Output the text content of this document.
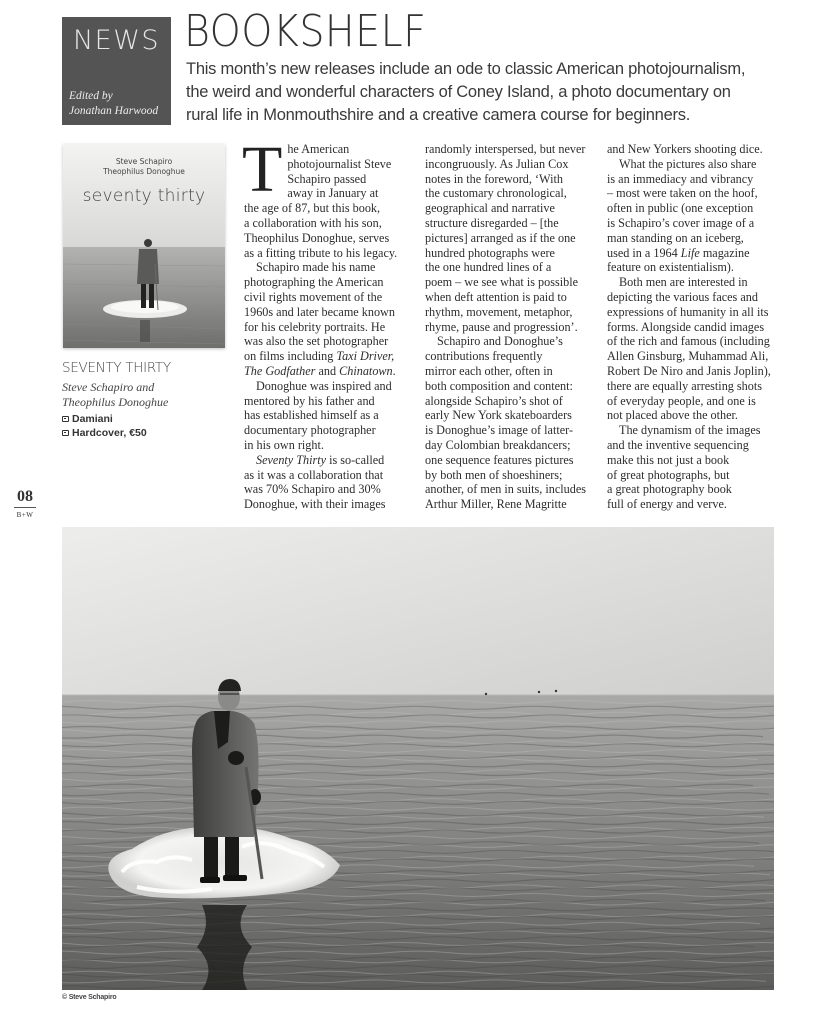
NEWS
Edited by
Jonathan Harwood
BOOKSHELF
This month’s new releases include an ode to classic American photojournalism,
the weird and wonderful characters of Coney Island, a photo documentary on
rural life in Monmouthshire and a creative camera course for beginners.
Steve Schapiro
Theophilus Donoghue
seventy thirty
SEVENTY THIRTY
Steve Schapiro and
Theophilus Donoghue
Damiani
Hardcover, €50
T he American
photojournalist Steve
Schapiro passed
away in January at
the age of 87, but this book,
a collaboration with his son,
Theophilus Donoghue, serves
as a fitting tribute to his legacy.
Schapiro made his name
photographing the American
civil rights movement of the
1960s and later became known
for his celebrity portraits. He
was also the set photographer
on films including Taxi Driver,
The Godfather and Chinatown.
Donoghue was inspired and
mentored by his father and
has established himself as a
documentary photographer
in his own right.
Seventy Thirty is so-called
as it was a collaboration that
was 70% Schapiro and 30%
Donoghue, with their images
randomly interspersed, but never
incongruously. As Julian Cox
notes in the foreword, ‘With
the customary chronological,
geographical and narrative
structure disregarded – [the
pictures] arranged as if the one
hundred photographs were
the one hundred lines of a
poem – we see what is possible
when deft attention is paid to
rhythm, movement, metaphor,
rhyme, pause and progression’.
Schapiro and Donoghue’s
contributions frequently
mirror each other, often in
both composition and content:
alongside Schapiro’s shot of
early New York skateboarders
is Donoghue’s image of latter-
day Colombian breakdancers;
one sequence features pictures
by both men of shoeshiners;
another, of men in suits, includes
Arthur Miller, Rene Magritte
and New Yorkers shooting dice.
What the pictures also share
is an immediacy and vibrancy
– most were taken on the hoof,
often in public (one exception
is Schapiro’s cover image of a
man standing on an iceberg,
used in a 1964 Life magazine
feature on existentialism).
Both men are interested in
depicting the various faces and
expressions of humanity in all its
forms. Alongside candid images
of the rich and famous (including
Allen Ginsburg, Muhammad Ali,
Robert De Niro and Janis Joplin),
there are equally arresting shots
of everyday people, and one is
not placed above the other.
The dynamism of the images
and the inventive sequencing
make this not just a book
of great photographs, but
a great photography book
full of energy and verve.
08
B+W
© Steve Schapiro
